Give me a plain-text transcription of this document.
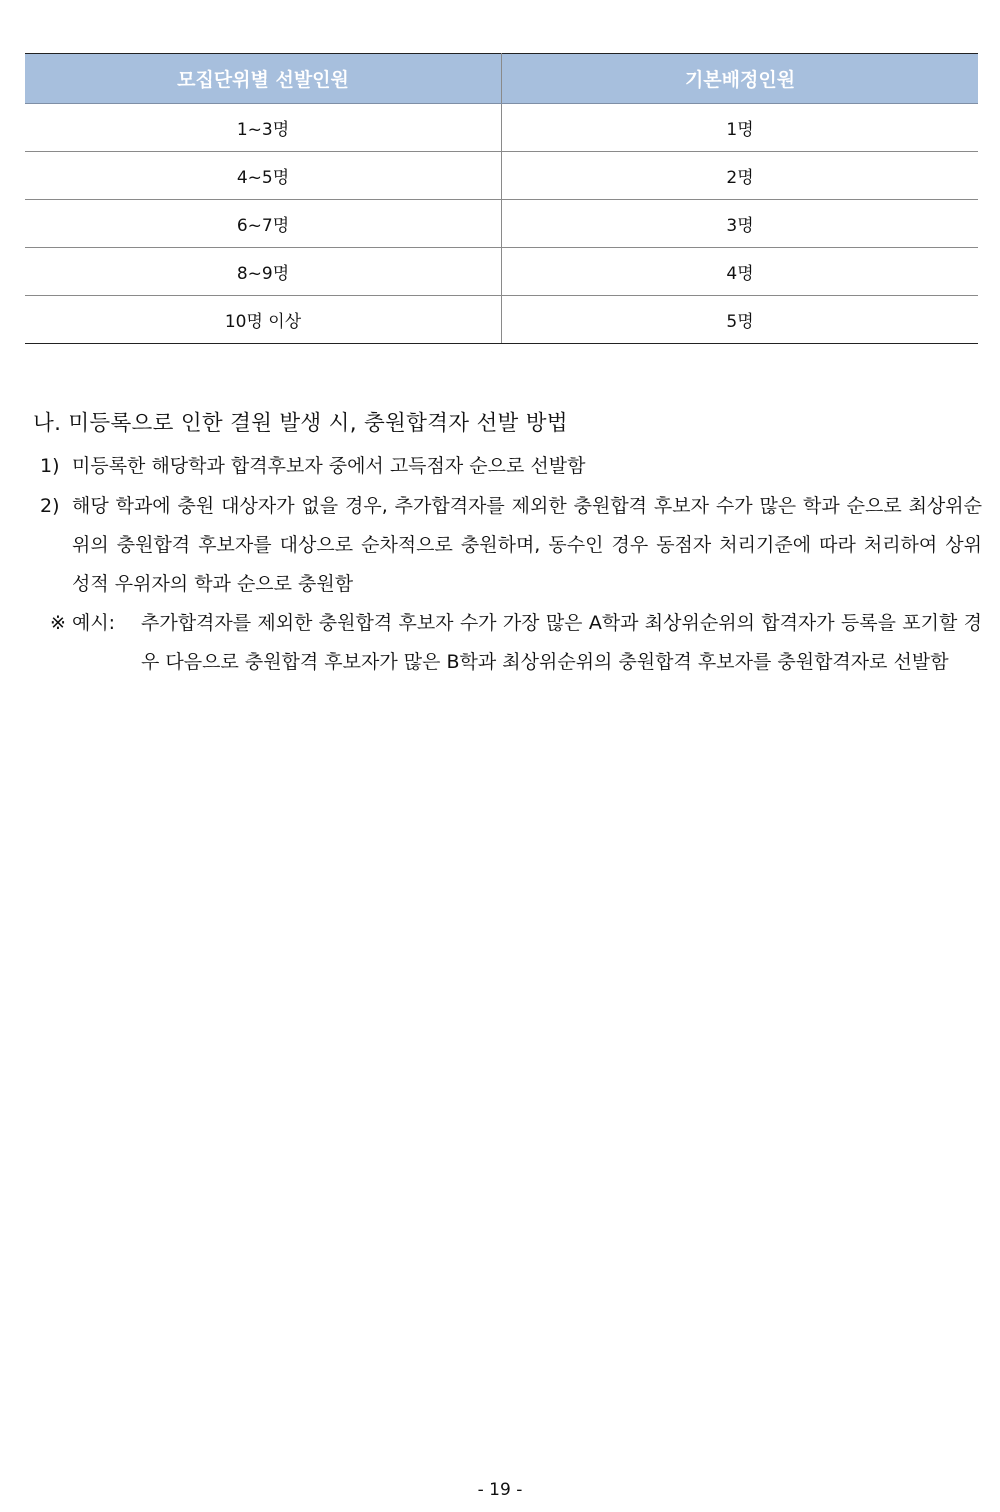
모집단위별 선발인원	기본배정인원
1~3명	1명
4~5명	2명
6~7명	3명
8~9명	4명
10명 이상	5명
나. 미등록으로 인한 결원 발생 시, 충원합격자 선발 방법
1) 미등록한 해당학과 합격후보자 중에서 고득점자 순으로 선발함
2) 해당 학과에 충원 대상자가 없을 경우, 추가합격자를 제외한 충원합격 후보자 수가 많은 학과 순으로 최상위순위의 충원합격 후보자를 대상으로 순차적으로 충원하며, 동수인 경우 동점자 처리기준에 따라 처리하여 상위 성적 우위자의 학과 순으로 충원함
※ 예시: 추가합격자를 제외한 충원합격 후보자 수가 가장 많은 A학과 최상위순위의 합격자가 등록을 포기할 경우 다음으로 충원합격 후보자가 많은 B학과 최상위순위의 충원합격 후보자를 충원합격자로 선발함
- 19 -
